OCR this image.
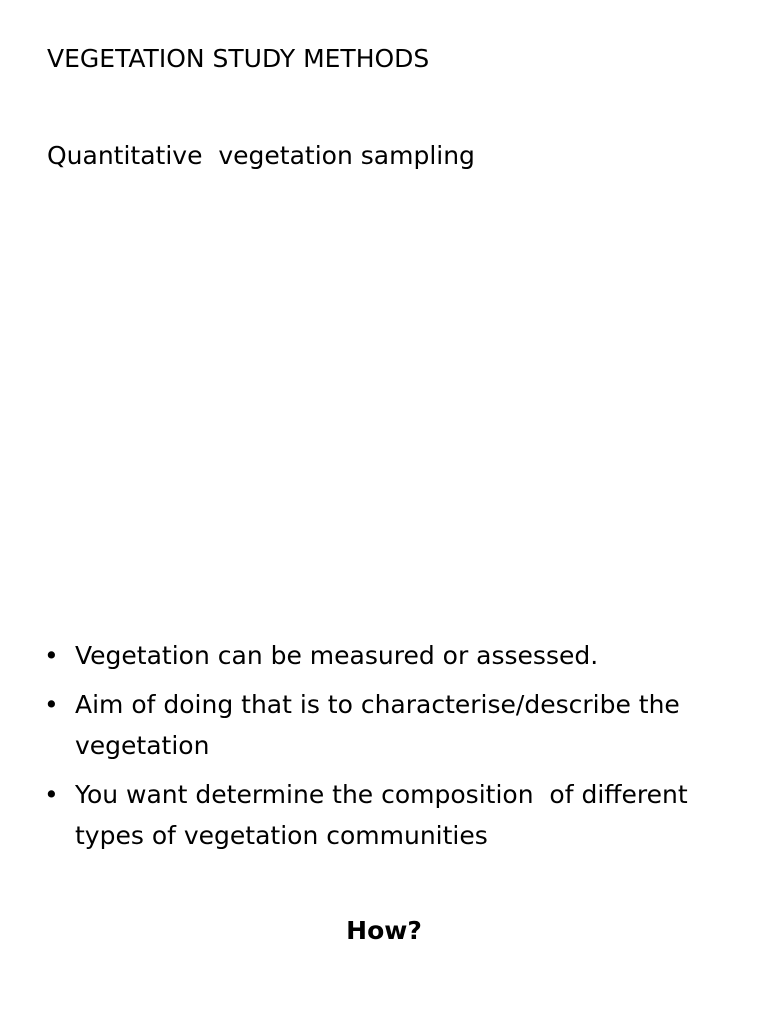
VEGETATION STUDY METHODS
Quantitative  vegetation sampling
• Vegetation can be measured or assessed.
• Aim of doing that is to characterise/describe the vegetation
• You want determine the composition  of different types of vegetation communities

How?
